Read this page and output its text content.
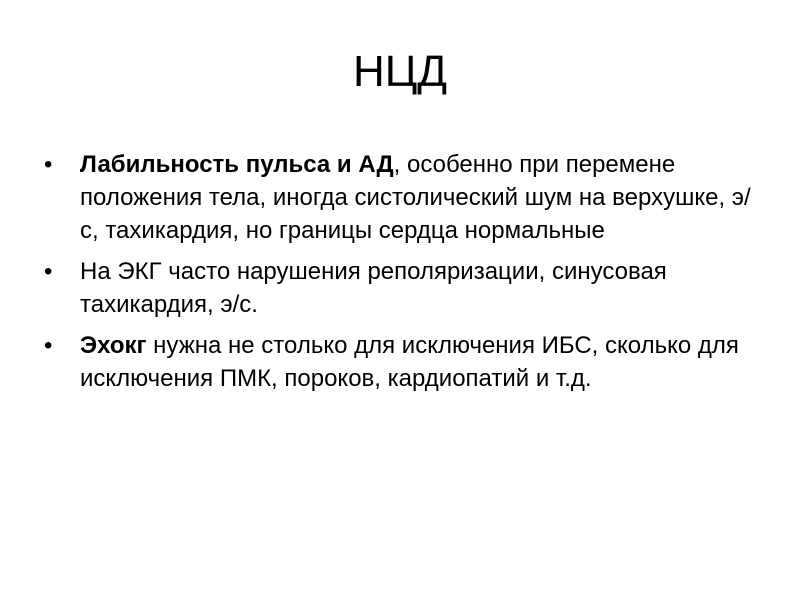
НЦД
•	Лабильность пульса и АД, особенно при перемене положения тела, иногда систолический шум на верхушке, э/с, тахикардия, но границы сердца нормальные
•	На ЭКГ часто нарушения реполяризации, синусовая тахикардия, э/с.
•	Эхокг нужна не столько для исключения ИБС, сколько для исключения ПМК, пороков, кардиопатий и т.д.
